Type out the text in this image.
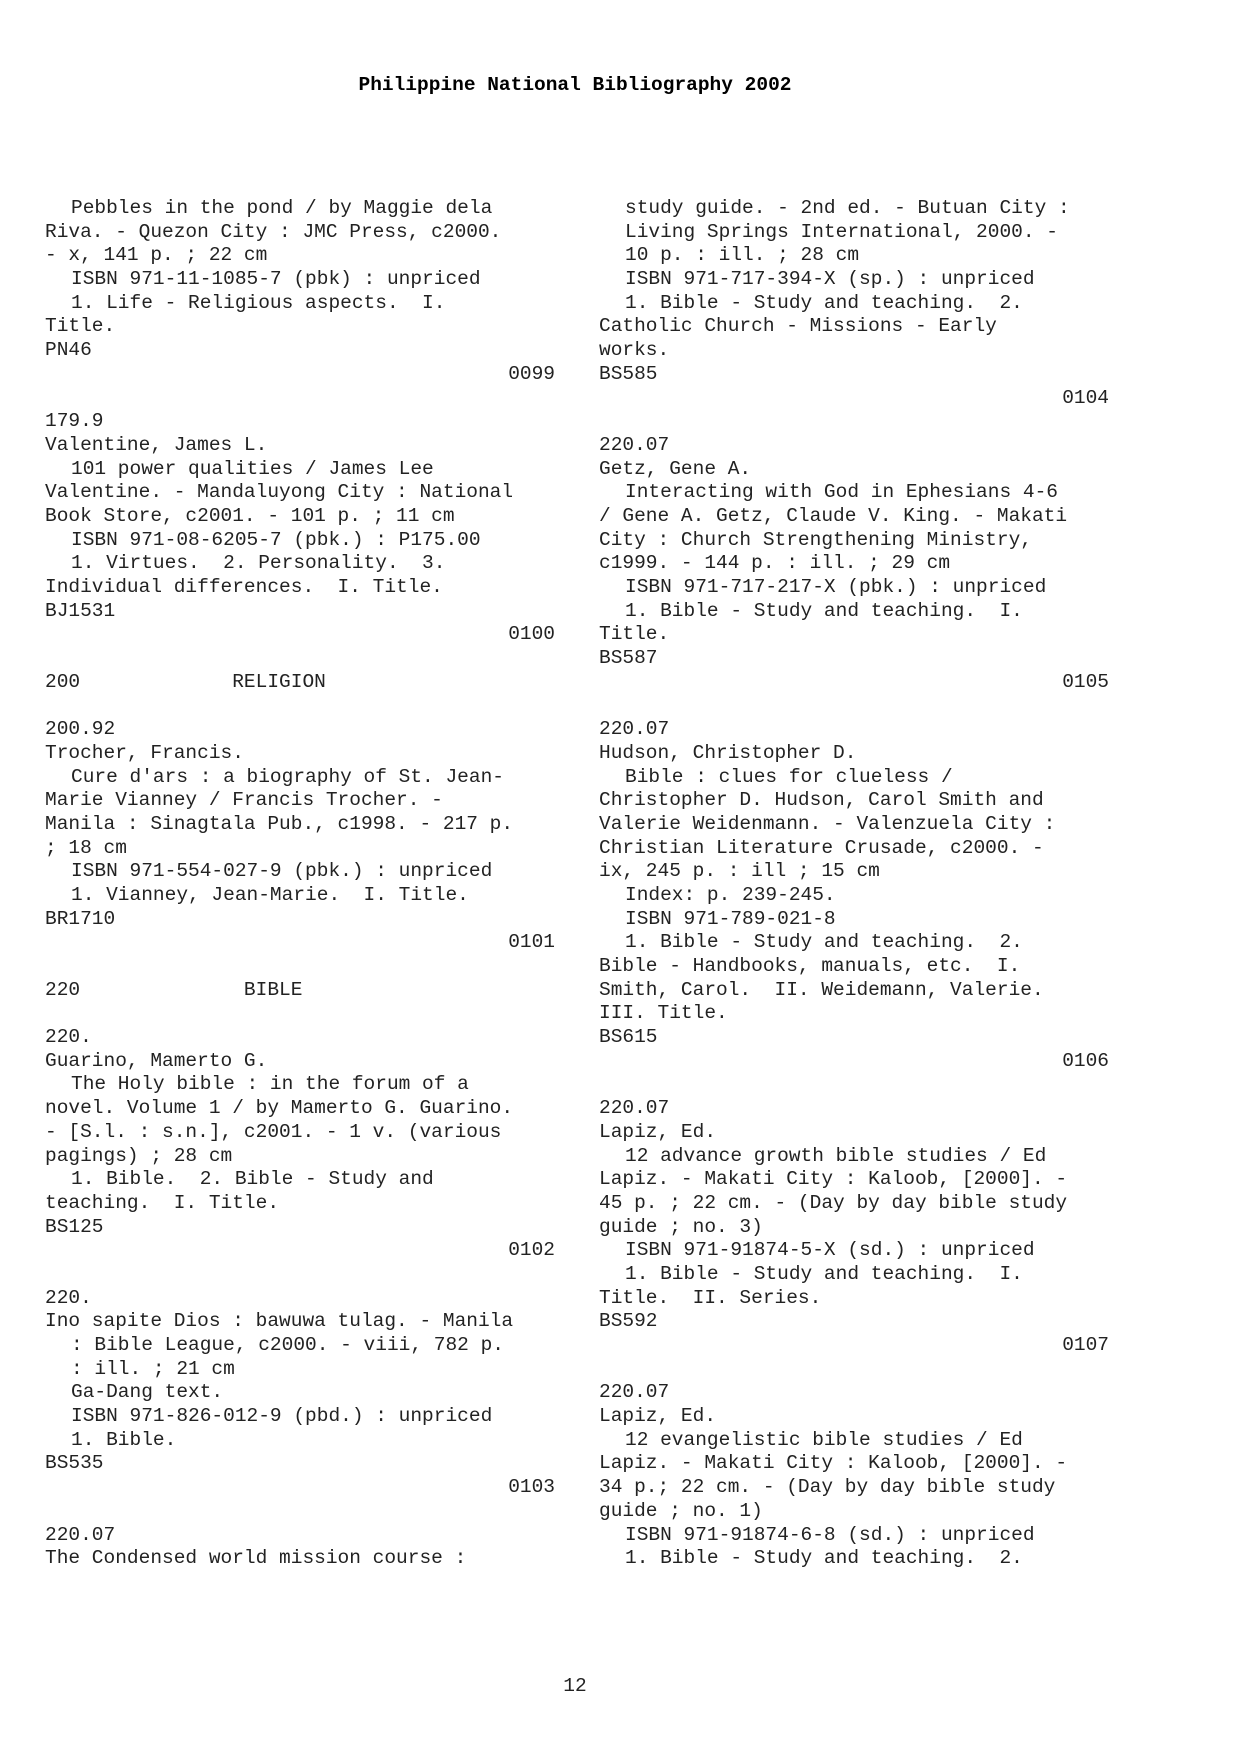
Philippine National Bibliography 2002
Pebbles in the pond / by Maggie dela
Riva. - Quezon City : JMC Press, c2000.
- x, 141 p. ; 22 cm
ISBN 971-11-1085-7 (pbk) : unpriced
1. Life - Religious aspects.  I.
Title.
PN46
0099
179.9
Valentine, James L.
101 power qualities / James Lee
Valentine. - Mandaluyong City : National
Book Store, c2001. - 101 p. ; 11 cm
ISBN 971-08-6205-7 (pbk.) : P175.00
1. Virtues.  2. Personality.  3.
Individual differences.  I. Title.
BJ1531
0100
200             RELIGION
200.92
Trocher, Francis.
Cure d'ars : a biography of St. Jean-
Marie Vianney / Francis Trocher. -
Manila : Sinagtala Pub., c1998. - 217 p.
; 18 cm
ISBN 971-554-027-9 (pbk.) : unpriced
1. Vianney, Jean-Marie.  I. Title.
BR1710
0101
220              BIBLE
220.
Guarino, Mamerto G.
The Holy bible : in the forum of a
novel. Volume 1 / by Mamerto G. Guarino.
- [S.l. : s.n.], c2001. - 1 v. (various
pagings) ; 28 cm
1. Bible.  2. Bible - Study and
teaching.  I. Title.
BS125
0102
220.
Ino sapite Dios : bawuwa tulag. - Manila
: Bible League, c2000. - viii, 782 p.
: ill. ; 21 cm
Ga-Dang text.
ISBN 971-826-012-9 (pbd.) : unpriced
1. Bible.
BS535
0103
220.07
The Condensed world mission course :
study guide. - 2nd ed. - Butuan City :
Living Springs International, 2000. -
10 p. : ill. ; 28 cm
ISBN 971-717-394-X (sp.) : unpriced
1. Bible - Study and teaching.  2.
Catholic Church - Missions - Early
works.
BS585
0104
220.07
Getz, Gene A.
Interacting with God in Ephesians 4-6
/ Gene A. Getz, Claude V. King. - Makati
City : Church Strengthening Ministry,
c1999. - 144 p. : ill. ; 29 cm
ISBN 971-717-217-X (pbk.) : unpriced
1. Bible - Study and teaching.  I.
Title.
BS587
0105
220.07
Hudson, Christopher D.
Bible : clues for clueless /
Christopher D. Hudson, Carol Smith and
Valerie Weidenmann. - Valenzuela City :
Christian Literature Crusade, c2000. -
ix, 245 p. : ill ; 15 cm
Index: p. 239-245.
ISBN 971-789-021-8
1. Bible - Study and teaching.  2.
Bible - Handbooks, manuals, etc.  I.
Smith, Carol.  II. Weidemann, Valerie.
III. Title.
BS615
0106
220.07
Lapiz, Ed.
12 advance growth bible studies / Ed
Lapiz. - Makati City : Kaloob, [2000]. -
45 p. ; 22 cm. - (Day by day bible study
guide ; no. 3)
ISBN 971-91874-5-X (sd.) : unpriced
1. Bible - Study and teaching.  I.
Title.  II. Series.
BS592
0107
220.07
Lapiz, Ed.
12 evangelistic bible studies / Ed
Lapiz. - Makati City : Kaloob, [2000]. -
34 p.; 22 cm. - (Day by day bible study
guide ; no. 1)
ISBN 971-91874-6-8 (sd.) : unpriced
1. Bible - Study and teaching.  2.
12
